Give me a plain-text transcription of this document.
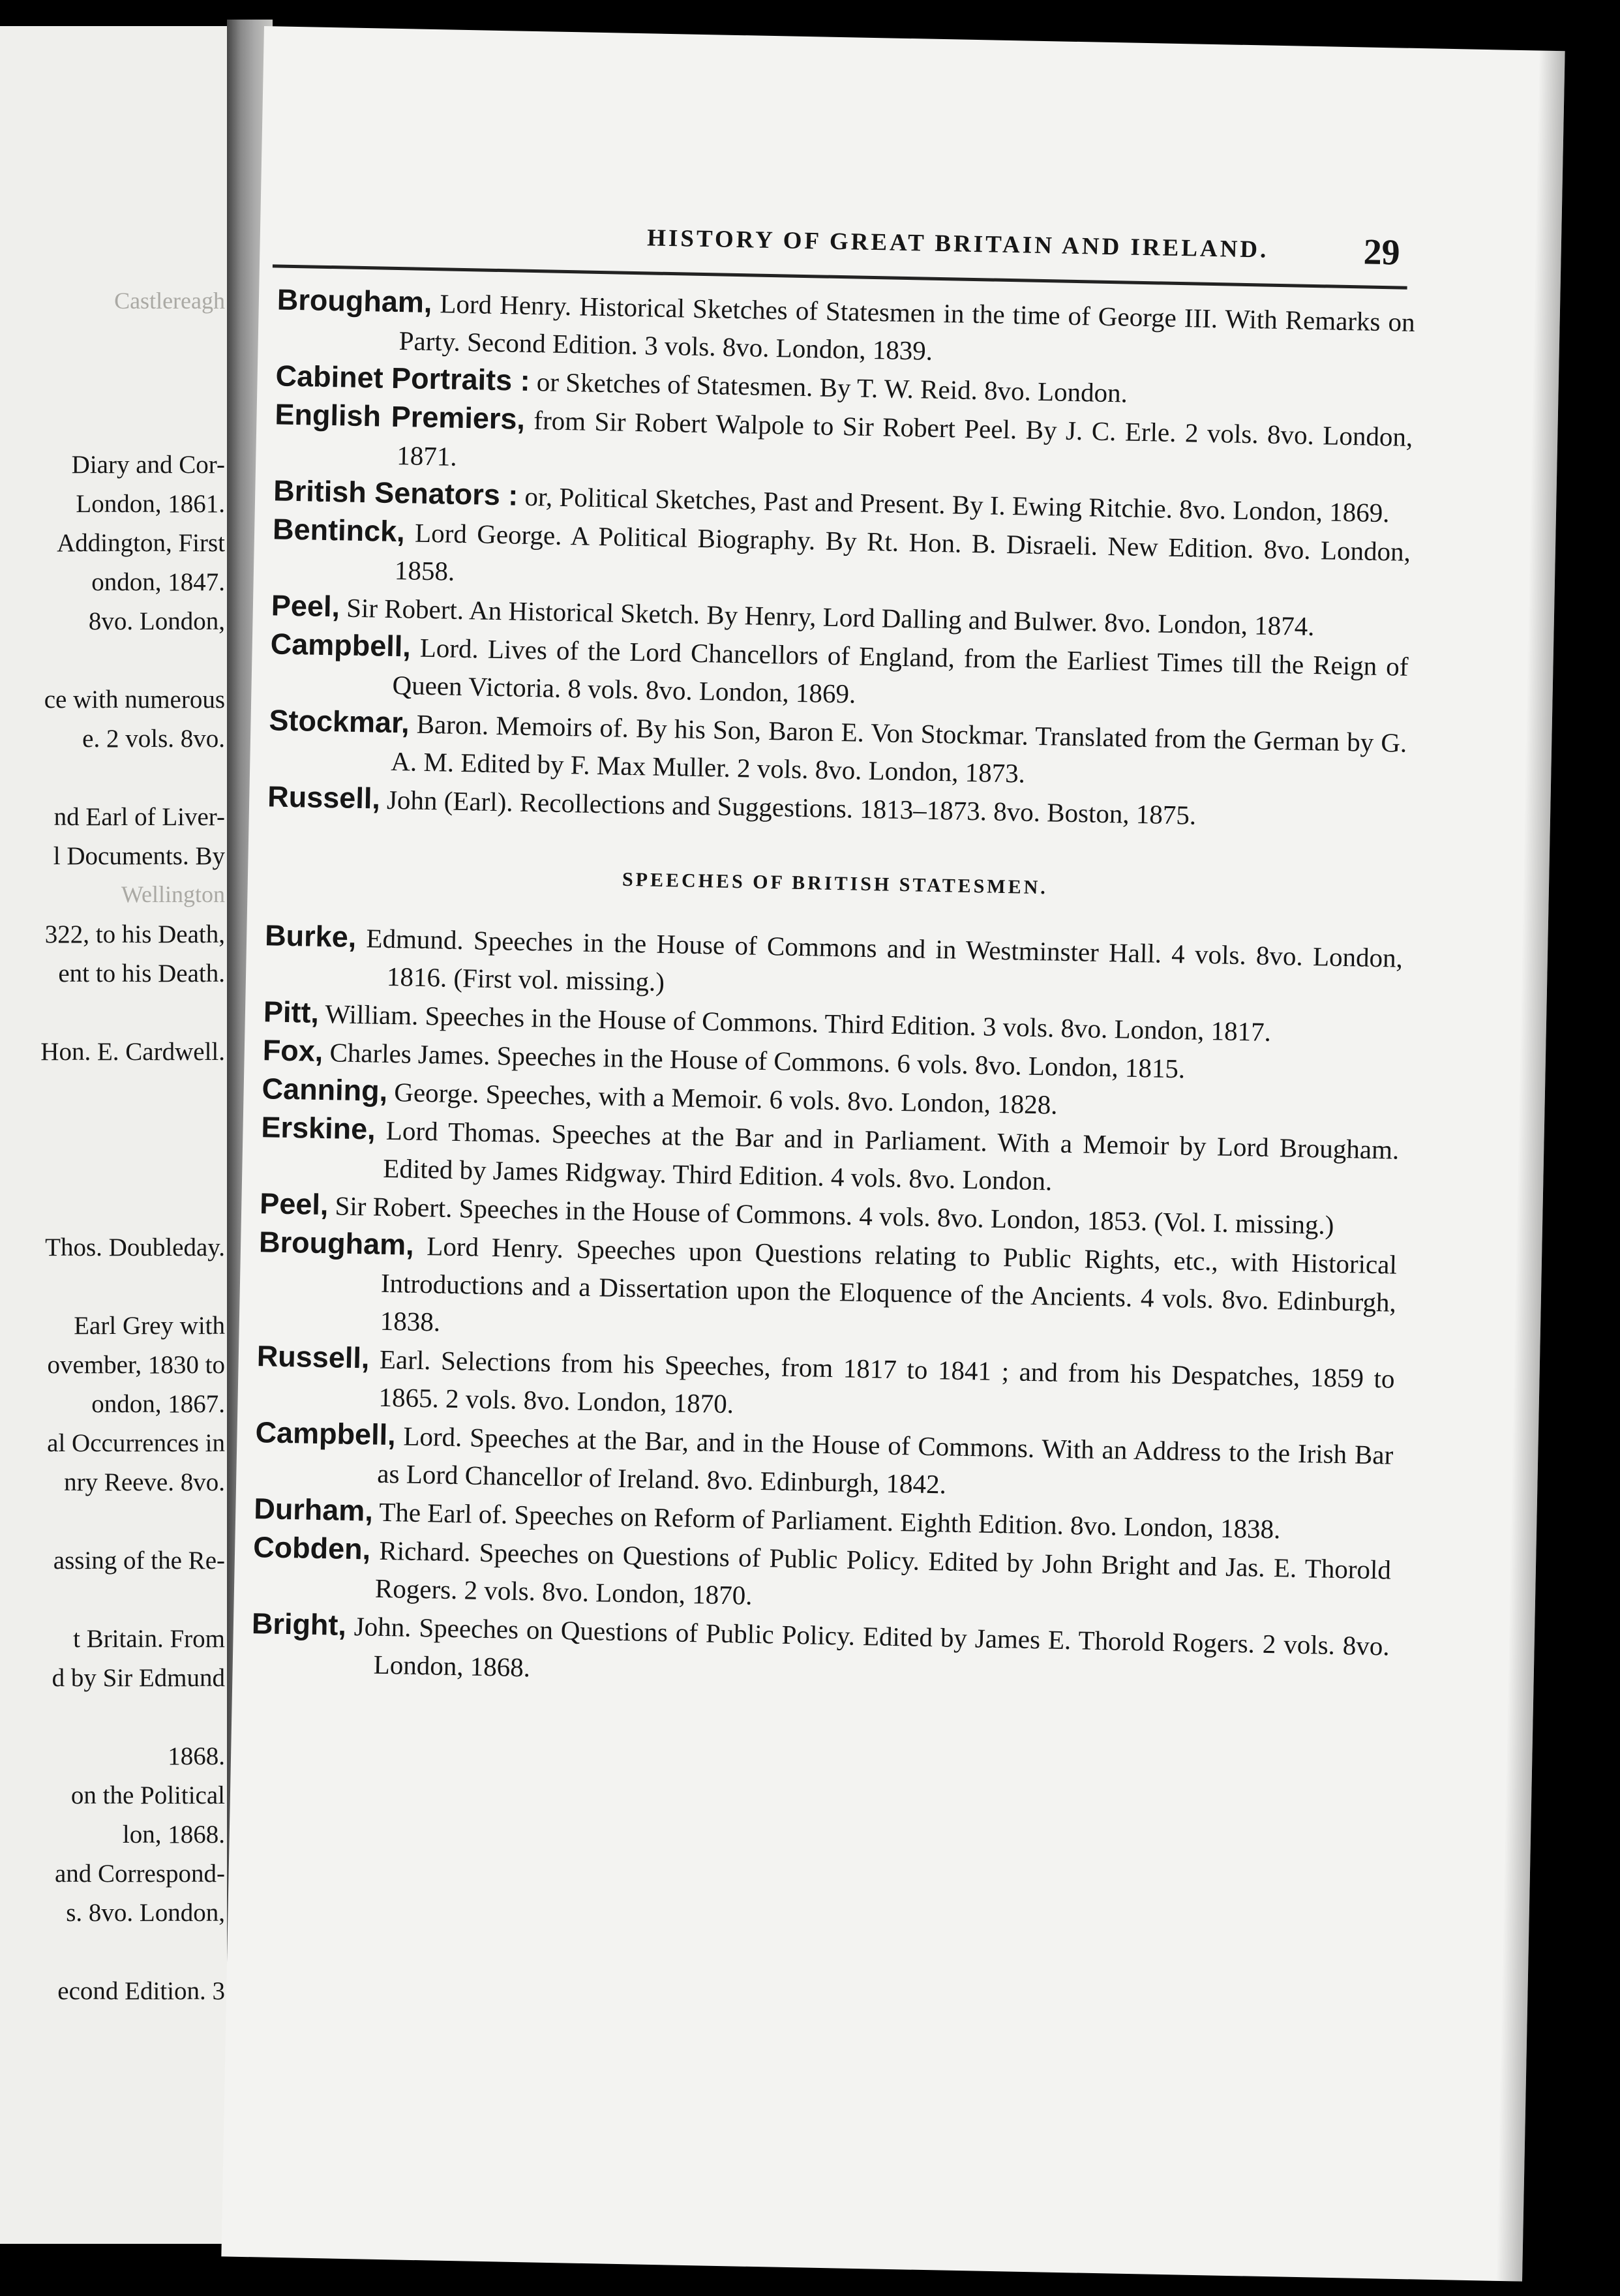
Castlereagh
Diary and Cor-
London, 1861.
Addington, First
ondon, 1847.
8vo. London,
ce with numerous
e. 2 vols. 8vo.
nd Earl of Liver-
l Documents. By
Wellington
322, to his Death,
ent to his Death.
Hon. E. Cardwell.
Thos. Doubleday.
Earl Grey with
ovember, 1830 to
ondon, 1867.
al Occurrences in
nry Reeve. 8vo.
assing of the Re-
t Britain. From
d by Sir Edmund
1868.
on the Political
lon, 1868.
and Correspond-
s. 8vo. London,
econd Edition. 3
HISTORY OF GREAT BRITAIN AND IRELAND.	29
Brougham, Lord Henry. Historical Sketches of Statesmen in the time of George III. With Remarks on Party. Second Edition. 3 vols. 8vo. London, 1839.
Cabinet Portraits : or Sketches of Statesmen. By T. W. Reid. 8vo. London.
English Premiers, from Sir Robert Walpole to Sir Robert Peel. By J. C. Erle. 2 vols. 8vo. London, 1871.
British Senators : or, Political Sketches, Past and Present. By I. Ewing Ritchie. 8vo. London, 1869.
Bentinck, Lord George. A Political Biography. By Rt. Hon. B. Disraeli. New Edition. 8vo. London, 1858.
Peel, Sir Robert. An Historical Sketch. By Henry, Lord Dalling and Bulwer. 8vo. London, 1874.
Campbell, Lord. Lives of the Lord Chancellors of England, from the Earliest Times till the Reign of Queen Victoria. 8 vols. 8vo. London, 1869.
Stockmar, Baron. Memoirs of. By his Son, Baron E. Von Stockmar. Translated from the German by G. A. M. Edited by F. Max Muller. 2 vols. 8vo. London, 1873.
Russell, John (Earl). Recollections and Suggestions. 1813–1873. 8vo. Boston, 1875.
SPEECHES OF BRITISH STATESMEN.
Burke, Edmund. Speeches in the House of Commons and in Westminster Hall. 4 vols. 8vo. London, 1816. (First vol. missing.)
Pitt, William. Speeches in the House of Commons. Third Edition. 3 vols. 8vo. London, 1817.
Fox, Charles James. Speeches in the House of Commons. 6 vols. 8vo. London, 1815.
Canning, George. Speeches, with a Memoir. 6 vols. 8vo. London, 1828.
Erskine, Lord Thomas. Speeches at the Bar and in Parliament. With a Memoir by Lord Brougham. Edited by James Ridgway. Third Edition. 4 vols. 8vo. London.
Peel, Sir Robert. Speeches in the House of Commons. 4 vols. 8vo. London, 1853. (Vol. I. missing.)
Brougham, Lord Henry. Speeches upon Questions relating to Public Rights, etc., with Historical Introductions and a Dissertation upon the Eloquence of the Ancients. 4 vols. 8vo. Edinburgh, 1838.
Russell, Earl. Selections from his Speeches, from 1817 to 1841 ; and from his Despatches, 1859 to 1865. 2 vols. 8vo. London, 1870.
Campbell, Lord. Speeches at the Bar, and in the House of Commons. With an Address to the Irish Bar as Lord Chancellor of Ireland. 8vo. Edinburgh, 1842.
Durham, The Earl of. Speeches on Reform of Parliament. Eighth Edition. 8vo. London, 1838.
Cobden, Richard. Speeches on Questions of Public Policy. Edited by John Bright and Jas. E. Thorold Rogers. 2 vols. 8vo. London, 1870.
Bright, John. Speeches on Questions of Public Policy. Edited by James E. Thorold Rogers. 2 vols. 8vo. London, 1868.
